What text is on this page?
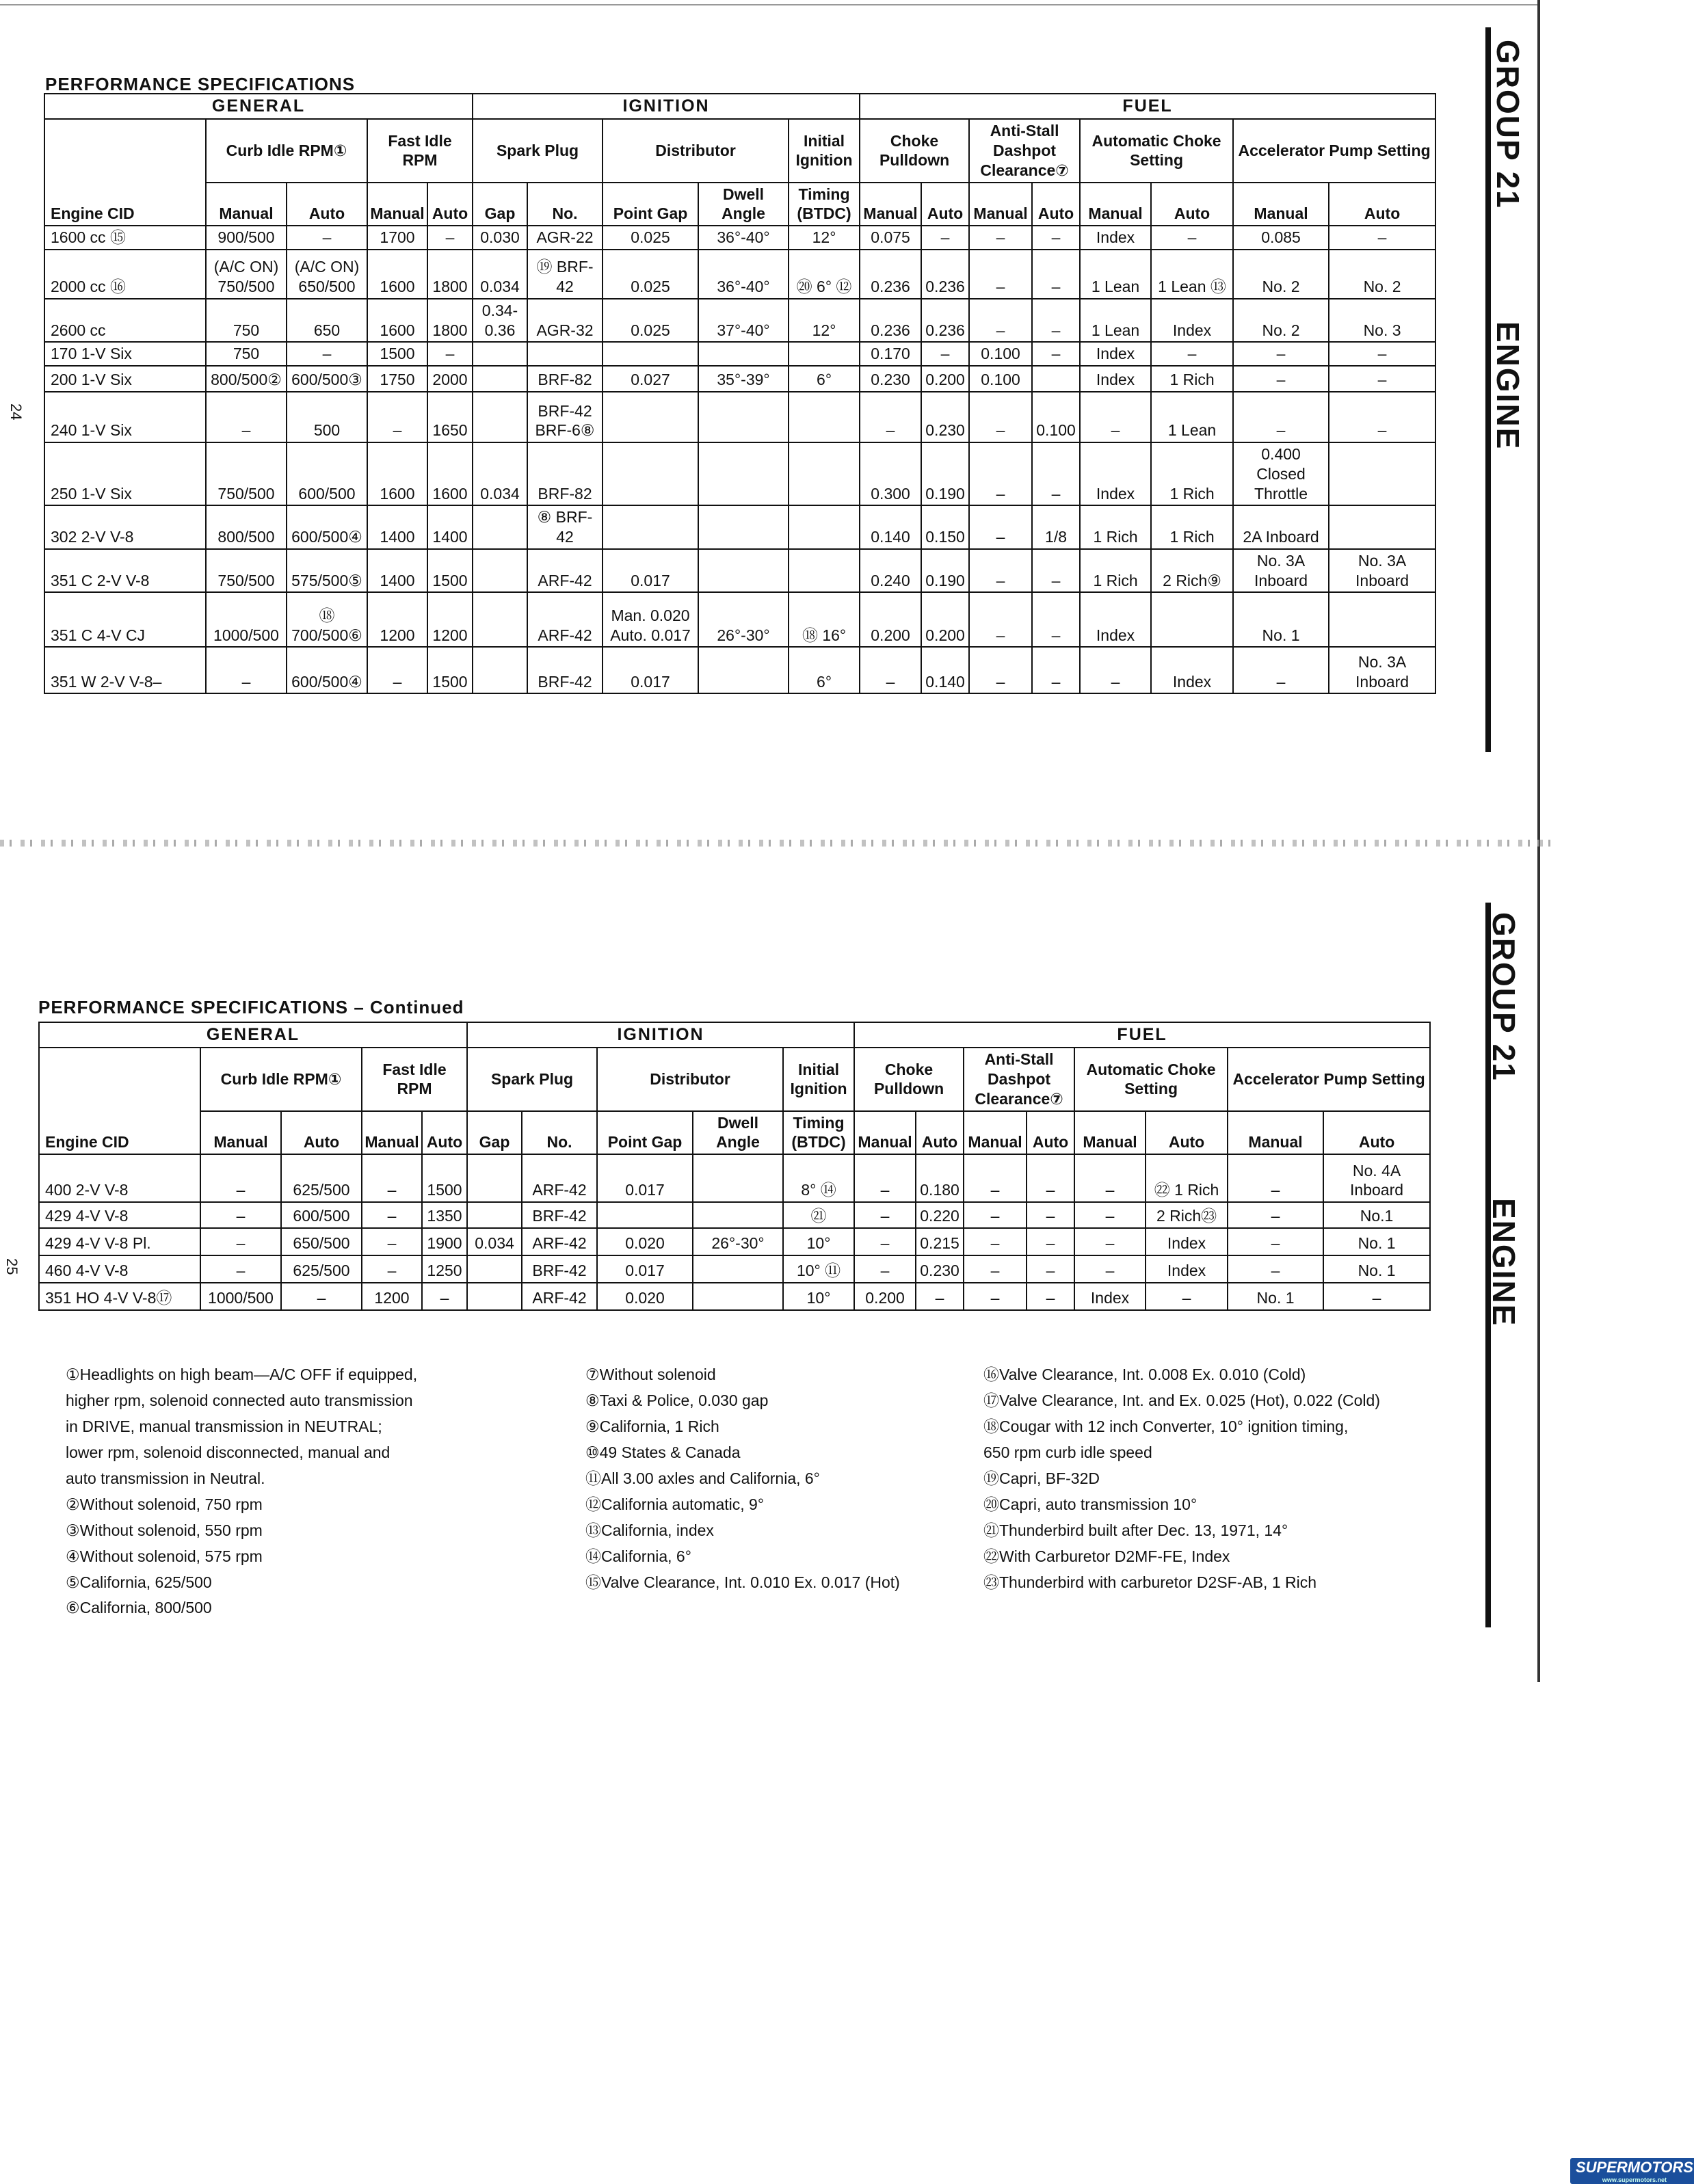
GROUP 21
ENGINE
24
GROUP 21
ENGINE
25
PERFORMANCE SPECIFICATIONS
GENERAL					IGNITION					FUEL							
Engine CID	Curb Idle RPM①		Fast Idle RPM		Spark Plug		Distributor		Initial Ignition	Choke Pulldown		Anti-Stall Dashpot Clearance⑦		Automatic Choke Setting		Accelerator Pump Setting	
	Manual	Auto	Manual	Auto			Point Gap	Dwell Angle	Timing (BTDC)	Manual	Auto	Manual	Auto	Manual	Auto	Manual	Auto
					Gap	No.											
1600 cc ⑮	900/500	–	1700	–	0.030	AGR-22	0.025	36°-40°	12°	0.075	–	–	–	Index	–	0.085	–
2000 cc ⑯	(A/C ON) 750/500	(A/C ON) 650/500	1600	1800	0.034	⑲ BRF-42	0.025	36°-40°	⑳ 6° ⑫	0.236	0.236	–	–	1 Lean	1 Lean ⑬	No. 2	No. 2
2600 cc	750	650	1600	1800	0.34-0.36	AGR-32	0.025	37°-40°	12°	0.236	0.236	–	–	1 Lean	Index	No. 2	No. 3
170 1-V Six	750	–	1500	–						0.170	–	0.100	–	Index	–	–	–
200 1-V Six	800/500②	600/500③	1750	2000		BRF-82	0.027	35°-39°	6°	0.230	0.200	0.100		Index	1 Rich	–	–
240 1-V Six	–	500	–	1650		BRF-42 BRF-6⑧				–	0.230	–	0.100	–	1 Lean	–	–
250 1-V Six	750/500	600/500	1600	1600	0.034	BRF-82				0.300	0.190	–	–	Index	1 Rich	0.400 Closed Throttle	
302 2-V V-8	800/500	600/500④	1400	1400		⑧ BRF-42				0.140	0.150	–	1/8	1 Rich	1 Rich	2A Inboard	
351 C 2-V V-8	750/500	575/500⑤	1400	1500		ARF-42	0.017			0.240	0.190	–	–	1 Rich	2 Rich⑨	No. 3A Inboard	No. 3A Inboard
351 C 4-V CJ	1000/500	⑱ 700/500⑥	1200	1200		ARF-42	Man. 0.020 Auto. 0.017	26°-30°	⑱ 16°	0.200	0.200	–	–	Index		No. 1	
351 W 2-V V-8–	–	600/500④	–	1500		BRF-42	0.017		6°	–	0.140	–	–	–	Index	–	No. 3A Inboard
PERFORMANCE SPECIFICATIONS – Continued
GENERAL					IGNITION					FUEL							
Engine CID	Curb Idle RPM①		Fast Idle RPM		Spark Plug		Distributor		Initial Ignition	Choke Pulldown		Anti-Stall Dashpot Clearance⑦		Automatic Choke Setting		Accelerator Pump Setting	
	Manual	Auto	Manual	Auto			Point Gap	Dwell Angle	Timing (BTDC)	Manual	Auto	Manual	Auto	Manual	Auto	Manual	Auto
					Gap	No.											
400 2-V V-8	–	625/500	–	1500		ARF-42	0.017		8° ⑭	–	0.180	–	–	–	㉒ 1 Rich	–	No. 4A Inboard
429 4-V V-8	–	600/500	–	1350		BRF-42			㉑	–	0.220	–	–	–	2 Rich㉓	–	No.1
429 4-V V-8 Pl.	–	650/500	–	1900	0.034	ARF-42	0.020	26°-30°	10°	–	0.215	–	–	–	Index	–	No. 1
460 4-V V-8	–	625/500	–	1250		BRF-42	0.017		10° ⑪	–	0.230	–	–	–	Index	–	No. 1
351 HO 4-V V-8⑰	1000/500	–	1200	–		ARF-42	0.020		10°	0.200	–	–	–	Index	–	No. 1	–
①Headlights on high beam—A/C OFF if equipped,
higher rpm, solenoid connected auto transmission
in DRIVE, manual transmission in NEUTRAL;
lower rpm, solenoid disconnected, manual and
auto transmission in Neutral.
②Without solenoid, 750 rpm
③Without solenoid, 550 rpm
④Without solenoid, 575 rpm
⑤California, 625/500
⑥California, 800/500
⑦Without solenoid
⑧Taxi & Police, 0.030 gap
⑨California, 1 Rich
⑩49 States & Canada
⑪All 3.00 axles and California, 6°
⑫California automatic, 9°
⑬California, index
⑭California, 6°
⑮Valve Clearance, Int. 0.010 Ex. 0.017 (Hot)
⑯Valve Clearance, Int. 0.008 Ex. 0.010 (Cold)
⑰Valve Clearance, Int. and Ex. 0.025 (Hot), 0.022 (Cold)
⑱Cougar with 12 inch Converter, 10° ignition timing,
650 rpm curb idle speed
⑲Capri, BF-32D
⑳Capri, auto transmission 10°
㉑Thunderbird built after Dec. 13, 1971, 14°
㉒With Carburetor D2MF-FE, Index
㉓Thunderbird with carburetor D2SF-AB, 1 Rich
SUPERMOTORS
www.supermotors.net
